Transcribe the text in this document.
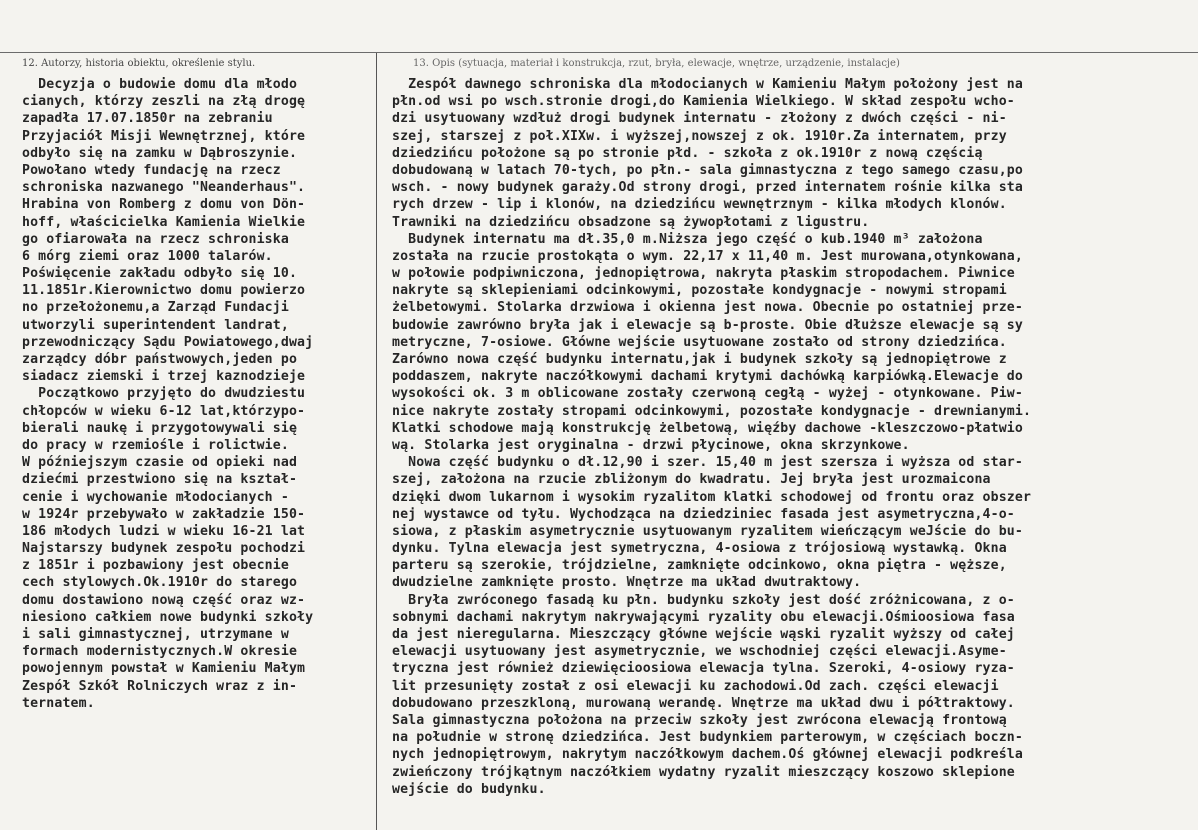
12. Autorzy, historia obiektu, określenie stylu.	13. Opis (sytuacja, materiał i konstrukcja, rzut, bryła, elewacje, wnętrze, urządzenie, instalacje)
Decyzja o budowie domu dla młodo
cianych, którzy zeszli na złą drogę
zapadła 17.07.1850r na zebraniu
Przyjaciół Misji Wewnętrznej, które
odbyło się na zamku w Dąbroszynie.
Powołano wtedy fundację na rzecz
schroniska nazwanego "Neanderhaus".
Hrabina von Romberg z domu von Dön-
hoff, właścicielka Kamienia Wielkie
go ofiarowała na rzecz schroniska
6 mórg ziemi oraz 1000 talarów.
Poświęcenie zakładu odbyło się 10.
11.1851r.Kierownictwo domu powierzo
no przełożonemu,a Zarząd Fundacji
utworzyli superintendent landrat,
przewodniczący Sądu Powiatowego,dwaj
zarządcy dóbr państwowych,jeden po
siadacz ziemski i trzej kaznodzieje
Początkowo przyjęto do dwudziestu
chłopców w wieku 6-12 lat,którzypo-
bierali naukę i przygotowywali się
do pracy w rzemiośle i rolictwie.
W późniejszym czasie od opieki nad
dziećmi przestwiono się na kształ-
cenie i wychowanie młodocianych -
w 1924r przebywało w zakładzie 150-
186 młodych ludzi w wieku 16-21 lat
Najstarszy budynek zespołu pochodzi
z 1851r i pozbawiony jest obecnie
cech stylowych.Ok.1910r do starego
domu dostawiono nową część oraz wz-
niesiono całkiem nowe budynki szkoły
i sali gimnastycznej, utrzymane w
formach modernistycznych.W okresie
powojennym powstał w Kamieniu Małym
Zespół Szkół Rolniczych wraz z in-
ternatem.
Zespół dawnego schroniska dla młodocianych w Kamieniu Małym położony jest na
płn.od wsi po wsch.stronie drogi,do Kamienia Wielkiego. W skład zespołu wcho-
dzi usytuowany wzdłuż drogi budynek internatu - złożony z dwóch części - ni-
szej, starszej z poł.XIXw. i wyższej,nowszej z ok. 1910r.Za internatem, przy
dziedzińcu położone są po stronie płd. - szkoła z ok.1910r z nową częścią
dobudowaną w latach 70-tych, po płn.- sala gimnastyczna z tego samego czasu,po
wsch. - nowy budynek garaży.Od strony drogi, przed internatem rośnie kilka sta
rych drzew - lip i klonów, na dziedzińcu wewnętrznym - kilka młodych klonów.
Trawniki na dziedzińcu obsadzone są żywopłotami z ligustru.
Budynek internatu ma dł.35,0 m.Niższa jego część o kub.1940 m³ założona
została na rzucie prostokąta o wym. 22,17 x 11,40 m. Jest murowana,otynkowana,
w połowie podpiwniczona, jednopiętrowa, nakryta płaskim stropodachem. Piwnice
nakryte są sklepieniami odcinkowymi, pozostałe kondygnacje - nowymi stropami
żelbetowymi. Stolarka drzwiowa i okienna jest nowa. Obecnie po ostatniej prze-
budowie zawrówno bryła jak i elewacje są b-proste. Obie dłuższe elewacje są sy
metryczne, 7-osiowe. Główne wejście usytuowane zostało od strony dziedzińca.
Zarówno nowa część budynku internatu,jak i budynek szkoły są jednopiętrowe z
poddaszem, nakryte naczółkowymi dachami krytymi dachówką karpiówką.Elewacje do
wysokości ok. 3 m oblicowane zostały czerwoną cegłą - wyżej - otynkowane. Piw-
nice nakryte zostały stropami odcinkowymi, pozostałe kondygnacje - drewnianymi.
Klatki schodowe mają konstrukcję żelbetową, więźby dachowe -kleszczowo-płatwio
wą. Stolarka jest oryginalna - drzwi płycinowe, okna skrzynkowe.
Nowa część budynku o dł.12,90 i szer. 15,40 m jest szersza i wyższa od star-
szej, założona na rzucie zbliżonym do kwadratu. Jej bryła jest urozmaicona
dzięki dwom lukarnom i wysokim ryzalitom klatki schodowej od frontu oraz obszer
nej wystawce od tyłu. Wychodząca na dziedziniec fasada jest asymetryczna,4-o-
siowa, z płaskim asymetrycznie usytuowanym ryzalitem wieńczącym weJście do bu-
dynku. Tylna elewacja jest symetryczna, 4-osiowa z trójosiową wystawką. Okna
parteru są szerokie, trójdzielne, zamknięte odcinkowo, okna piętra - węższe,
dwudzielne zamknięte prosto. Wnętrze ma układ dwutraktowy.
Bryła zwróconego fasadą ku płn. budynku szkoły jest dość zróżnicowana, z o-
sobnymi dachami nakrytym nakrywającymi ryzality obu elewacji.Ośmioosiowa fasa
da jest nieregularna. Mieszczący główne wejście wąski ryzalit wyższy od całej
elewacji usytuowany jest asymetrycznie, we wschodniej części elewacji.Asyme-
tryczna jest również dziewięcioosiowa elewacja tylna. Szeroki, 4-osiowy ryza-
lit przesunięty został z osi elewacji ku zachodowi.Od zach. części elewacji
dobudowano przeszkloną, murowaną werandę. Wnętrze ma układ dwu i półtraktowy.
Sala gimnastyczna położona na przeciw szkoły jest zwrócona elewacją frontową
na południe w stronę dziedzińca. Jest budynkiem parterowym, w częściach boczn-
nych jednopiętrowym, nakrytym naczółkowym dachem.Oś głównej elewacji podkreśla
zwieńczony trójkątnym naczółkiem wydatny ryzalit mieszczący koszowo sklepione
wejście do budynku.
